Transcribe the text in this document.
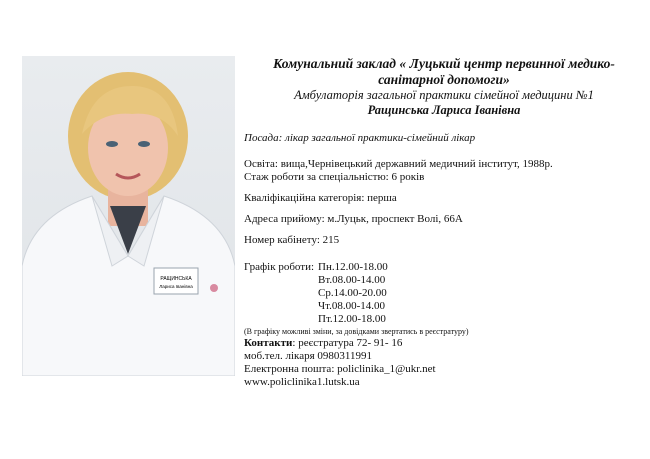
РАЩИНСЬКА
Лариса Іванівна
Комунальний заклад « Луцький центр первинної медико-
санітарної допомоги»
Амбулаторія загальної практики сімейної медицини №1
Ращинська Лариса Іванівна
Посада: лікар загальної практики-сімейний лікар
Освіта: вища,Чернівецький державний медичний інститут, 1988р.
Стаж роботи за спеціальністю: 6 років
Кваліфікаційна категорія: перша
Адреса прийому: м.Луцьк, проспект Волі, 66А
Номер кабінету: 215
Графік роботи: Пн.12.00-18.00
Вт.08.00-14.00
Ср.14.00-20.00
Чт.08.00-14.00
Пт.12.00-18.00
(В графіку можливі зміни, за довідками звертатись в реєстратуру)
Контакти: реєстратура 72- 91- 16
моб.тел. лікаря 0980311991
Електронна пошта: policlinika_1@ukr.net
www.policlinika1.lutsk.ua
